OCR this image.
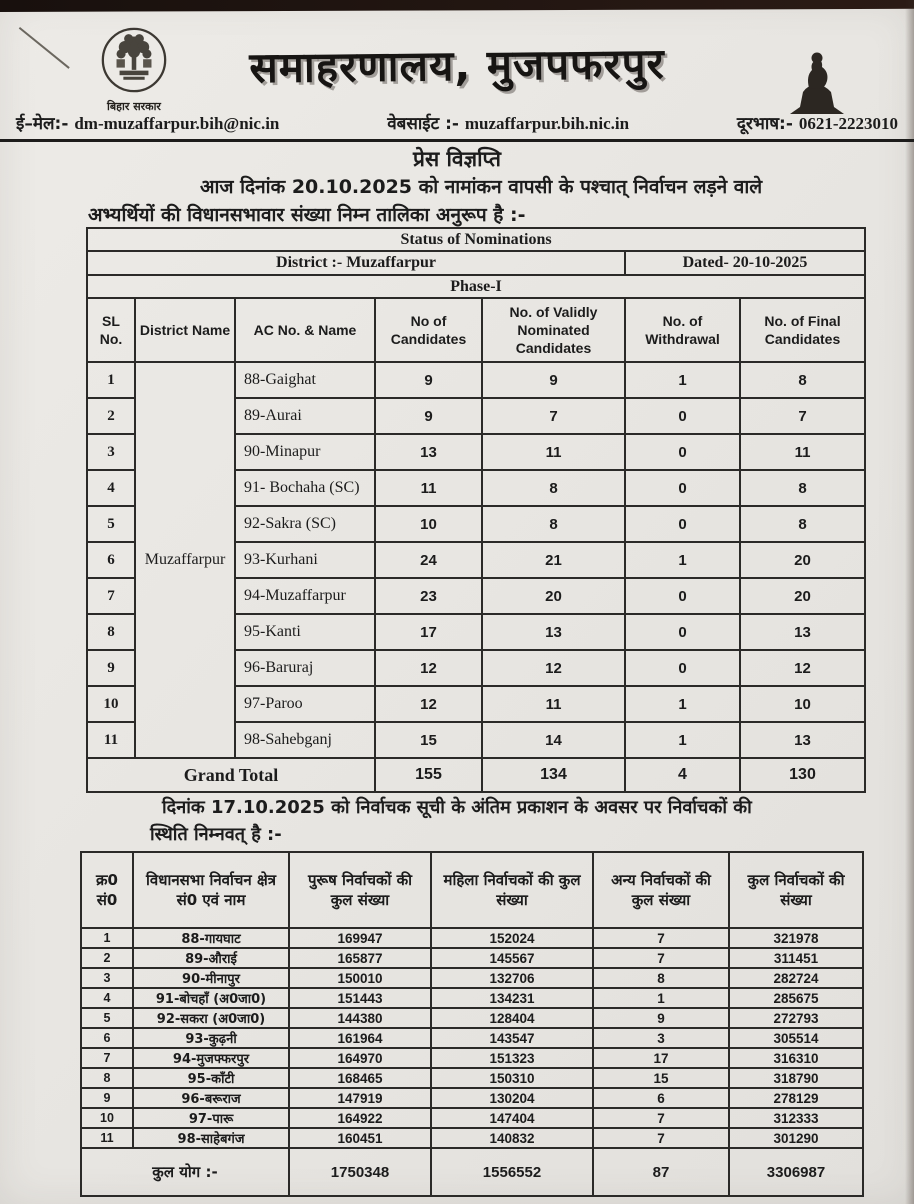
बिहार सरकार
समाहरणालय, मुजपफरपुर
ई–मेल:- dm-muzaffarpur.bih@nic.in	वेबसाईट :- muzaffarpur.bih.nic.in	दूरभाष:- 0621-2223010
प्रेस विज्ञप्ति
आज दिनांक 20.10.2025 को नामांकन वापसी के पश्चात् निर्वाचन लड़ने वाले
अभ्यर्थियों की विधानसभावार संख्या निम्न तालिका अनुरूप है :-
Status of Nominations						
District :- Muzaffarpur					Dated- 20-10-2025	
Phase-I						
SL No.	District Name	AC No. & Name	No of Candidates	No. of Validly Nominated Candidates	No. of Withdrawal	No. of Final Candidates
1	Muzaffarpur	88-Gaighat	9	9	1	8
2		89-Aurai	9	7	0	7
3		90-Minapur	13	11	0	11
4		91- Bochaha (SC)	11	8	0	8
5		92-Sakra (SC)	10	8	0	8
6		93-Kurhani	24	21	1	20
7		94-Muzaffarpur	23	20	0	20
8		95-Kanti	17	13	0	13
9		96-Baruraj	12	12	0	12
10		97-Paroo	12	11	1	10
11		98-Sahebganj	15	14	1	13
Grand Total			155	134	4	130
दिनांक 17.10.2025 को निर्वाचक सूची के अंतिम प्रकाशन के अवसर पर निर्वाचकों की
स्थिति निम्नवत् है :-
क्र0 सं0	विधानसभा निर्वाचन क्षेत्र सं0 एवं नाम	पुरूष निर्वाचकों की कुल संख्या	महिला निर्वाचकों की कुल संख्या	अन्य निर्वाचकों की कुल संख्या	कुल निर्वाचकों की संख्या
1	88-गायघाट	169947	152024	7	321978
2	89-औराई	165877	145567	7	311451
3	90-मीनापुर	150010	132706	8	282724
4	91-बोचहाँ (अ0जा0)	151443	134231	1	285675
5	92-सकरा (अ0जा0)	144380	128404	9	272793
6	93-कुढ़नी	161964	143547	3	305514
7	94-मुजफ्फरपुर	164970	151323	17	316310
8	95-काँटी	168465	150310	15	318790
9	96-बरूराज	147919	130204	6	278129
10	97-पारू	164922	147404	7	312333
11	98-साहेबगंज	160451	140832	7	301290
कुल योग :-		1750348	1556552	87	3306987
